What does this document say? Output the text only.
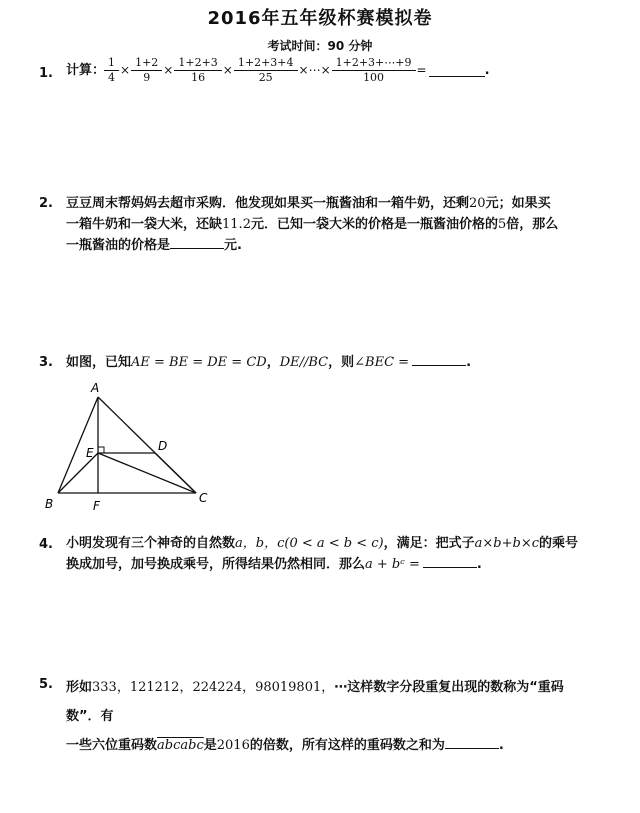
2016年五年级杯赛模拟卷
考试时间：90 分钟
1. 计算： $\frac{1}{4} \times \frac{1+2}{9} \times \frac{1+2+3}{16} \times \frac{1+2+3+4}{25}$ ×⋯× $\frac{1+2+3+\cdots+9}{100}$ =	.
2. 豆豆周末帮妈妈去超市采购．他发现如果买一瓶酱油和一箱牛奶，还剩20元；如果买
一箱牛奶和一袋大米，还缺11.2元．已知一袋大米的价格是一瓶酱油价格的5倍，那么
一瓶酱油的价格是	元.
3. 如图，已知AE = BE = DE = CD，DE//BC，则∠BEC =	.
A
B	C
D
E
F
4. 小明发现有三个神奇的自然数a，b，c(0 < a < b < c)，满足：把式子a×b+b×c的乘号
换成加号，加号换成乘号，所得结果仍然相同．那么a + bᶜ =	.
5. 形如333，121212，224224，98019801，⋯这样数字分段重复出现的数称为“重码数”．有
一些六位重码数abcabc是2016的倍数，所有这样的重码数之和为	.
